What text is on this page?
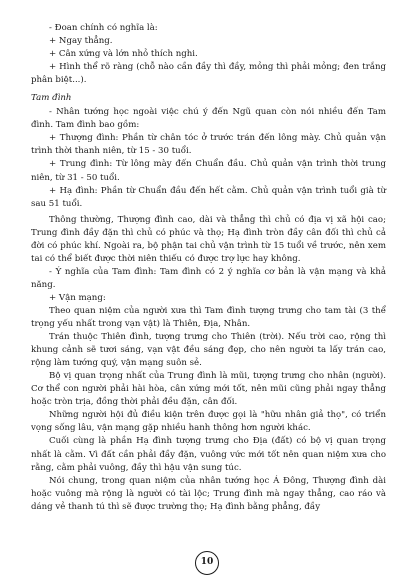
- Đoan chính có nghĩa là:

+ Ngay thẳng.

+ Cân xứng và lớn nhỏ thích nghi.

+ Hình thể rõ ràng (chỗ nào cần đầy thì đầy, mỏng thì phải mỏng; đen trắng phân biệt...).

Tam đình

- Nhân tướng học ngoài việc chú ý đến Ngũ quan còn nói nhiều đến Tam đình. Tam đình bao gồm:

+ Thượng đình: Phần từ chân tóc ở trước trán đến lông mày. Chủ quản vận trình thời thanh niên, từ 15 - 30 tuổi.

+ Trung đình: Từ lông mày đến Chuẩn đầu. Chủ quản vận trình thời trung niên, từ 31 - 50 tuổi.

+ Hạ đình: Phần từ Chuẩn đầu đến hết cằm. Chủ quản vận trình tuổi già từ sau 51 tuổi.

Thông thường, Thượng đình cao, dài và thẳng thì chủ có địa vị xã hội cao; Trung đình đầy đặn thì chủ có phúc và thọ; Hạ đình tròn đầy cân đối thì chủ cả đời có phúc khí. Ngoài ra, bộ phận tai chủ vận trình từ 15 tuổi về trước, nên xem tai có thể biết được thời niên thiếu có được trợ lực hay không.

- Ý nghĩa của Tam đình: Tam đình có 2 ý nghĩa cơ bản là vận mạng và khả năng.

+ Vận mạng:

Theo quan niệm của người xưa thì Tam đình tượng trưng cho tam tài (3 thể trọng yếu nhất trong vạn vật) là Thiên, Địa, Nhân.

Trán thuộc Thiên đình, tượng trưng cho Thiên (trời). Nếu trời cao, rộng thì khung cảnh sẽ tươi sáng, vạn vật đều sáng đẹp, cho nên người ta lấy trán cao, rộng làm tướng quý, vận mạng suôn sẻ.

Bộ vị quan trọng nhất của Trung đình là mũi, tượng trưng cho nhân (người). Cơ thể con người phải hài hòa, cân xứng mới tốt, nên mũi cũng phải ngay thẳng hoặc tròn trịa, đồng thời phải đều đặn, cân đối.

Những người hội đủ điều kiện trên được gọi là "hữu nhân giả thọ", có triển vọng sống lâu, vận mạng gặp nhiều hanh thông hơn người khác.

Cuối cùng là phần Hạ đình tượng trưng cho Địa (đất) có bộ vị quan trọng nhất là cằm. Vì đất cần phải đầy đặn, vuông vức mới tốt nên quan niệm xưa cho rằng, cằm phải vuông, đầy thì hậu vận sung túc.

Nói chung, trong quan niệm của nhân tướng học Á Đông, Thượng đình dài hoặc vuông mà rộng là người có tài lộc; Trung đình mà ngay thẳng, cao ráo và dáng vẻ thanh tú thì sẽ được trường thọ; Hạ đình bằng phẳng, đầy

10
